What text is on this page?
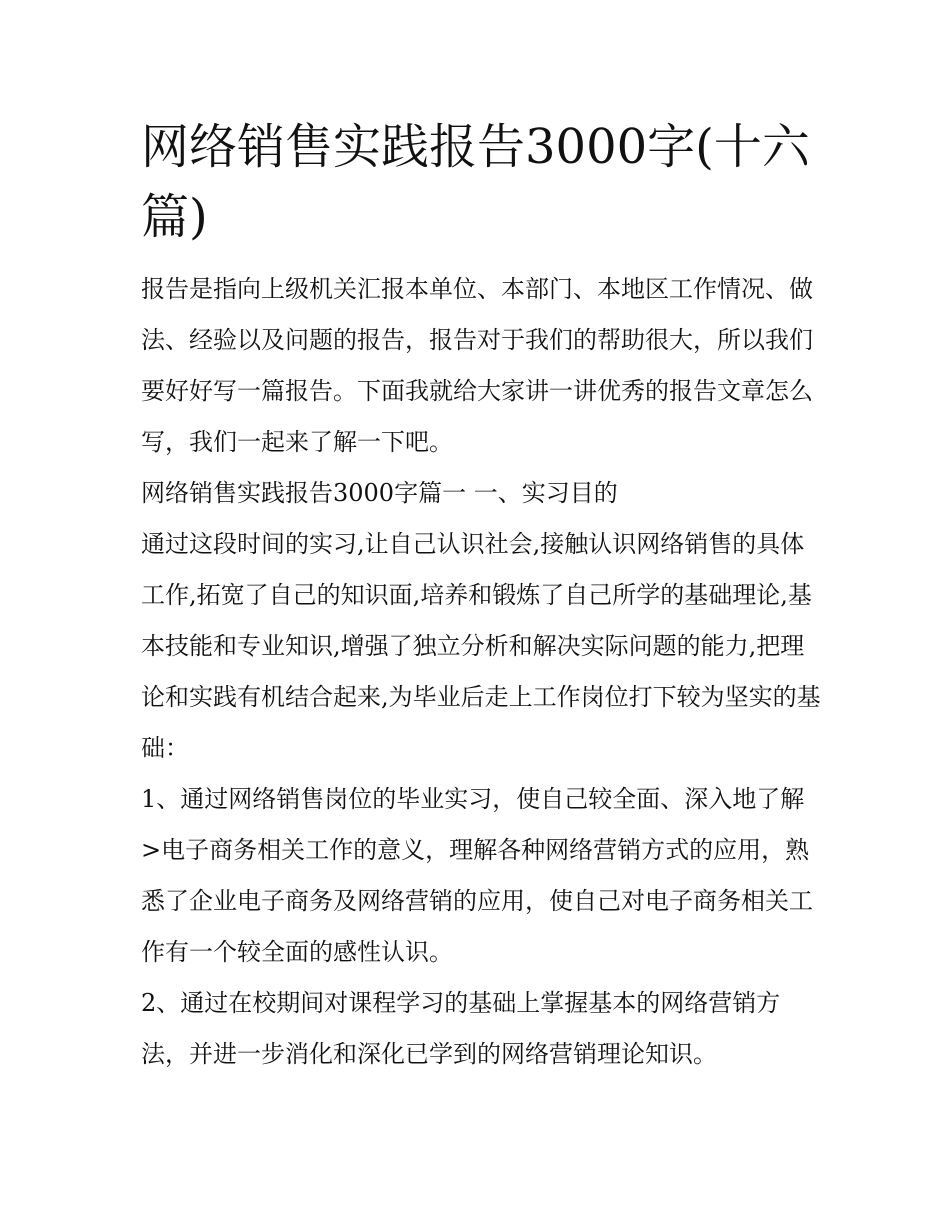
网络销售实践报告3000字(十六篇)

报告是指向上级机关汇报本单位、本部门、本地区工作情况、做法、经验以及问题的报告，报告对于我们的帮助很大，所以我们要好好写一篇报告。下面我就给大家讲一讲优秀的报告文章怎么写，我们一起来了解一下吧。

网络销售实践报告3000字篇一 一、实习目的

通过这段时间的实习,让自己认识社会,接触认识网络销售的具体工作,拓宽了自己的知识面,培养和锻炼了自己所学的基础理论,基本技能和专业知识,增强了独立分析和解决实际问题的能力,把理论和实践有机结合起来,为毕业后走上工作岗位打下较为坚实的基础：

1、通过网络销售岗位的毕业实习，使自己较全面、深入地了解>电子商务相关工作的意义，理解各种网络营销方式的应用，熟悉了企业电子商务及网络营销的应用，使自己对电子商务相关工作有一个较全面的感性认识。

2、通过在校期间对课程学习的基础上掌握基本的网络营销方法，并进一步消化和深化已学到的网络营销理论知识。
